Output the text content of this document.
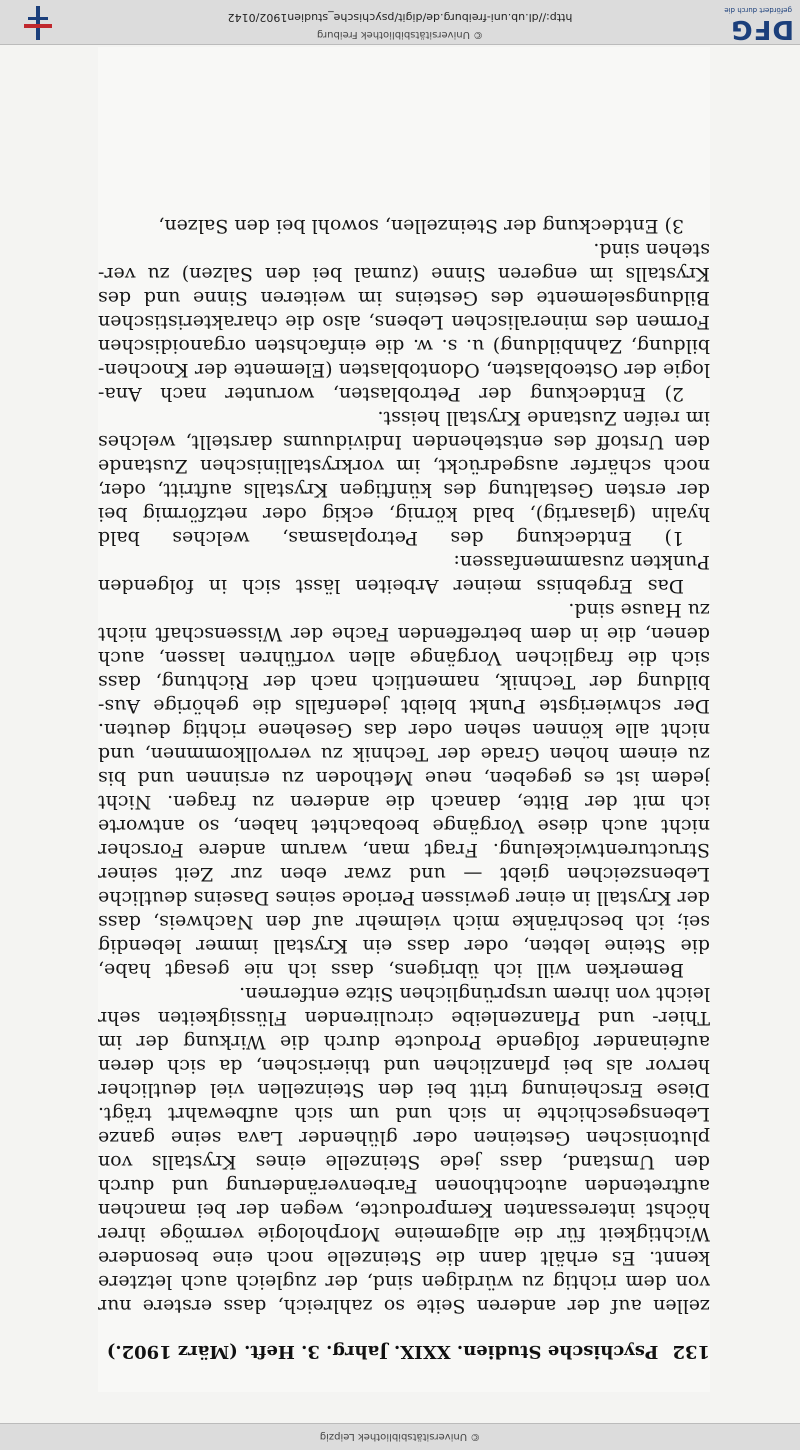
© Universitätsbibliothek Leipzig
132Psychische Studien. XXIX. Jahrg. 3. Heft. (März 1902.)
zellen auf der anderen Seite so zahlreich, dass erstere nur
von dem richtig zu würdigen sind, der zugleich auch letztere
kennt. Es erhält dann die Steinzelle noch eine besondere
Wichtigkeit für die allgemeine Morphologie vermöge ihrer
höchst interessanten Kernproducte, wegen der bei manchen
auftretenden autochthonen Farbenveränderung und durch
den Umstand, dass jede Steinzelle eines Krystalls von
plutonischen Gesteinen oder glühender Lava seine ganze
Lebensgeschichte in sich und um sich aufbewahrt trägt.
Diese Erscheinung tritt bei den Steinzellen viel deutlicher
hervor als bei pflanzlichen und thierischen, da sich deren
aufeinander folgende Producte durch die Wirkung der im
Thier- und Pflanzenleibe circulirenden Flüssigkeiten sehr
leicht von ihrem ursprünglichen Sitze entfernen.
Bemerken will ich übrigens, dass ich nie gesagt habe,
die Steine lebten, oder dass ein Krystall immer lebendig
sei; ich beschränke mich vielmehr auf den Nachweis, dass
der Krystall in einer gewissen Periode seines Daseins deutliche
Lebenszeichen giebt — und zwar eben zur Zeit seiner
Structurentwickelung. Fragt man, warum andere Forscher
nicht auch diese Vorgänge beobachtet haben, so antworte
ich mit der Bitte, danach die anderen zu fragen. Nicht
jedem ist es gegeben, neue Methoden zu ersinnen und bis
zu einem hohen Grade der Technik zu vervollkommnen, und
nicht alle können sehen oder das Gesehene richtig deuten.
Der schwierigste Punkt bleibt jedenfalls die gehörige Aus-
bildung der Technik, namentlich nach der Richtung, dass
sich die fraglichen Vorgänge allen vorführen lassen, auch
denen, die in dem betreffenden Fache der Wissenschaft nicht
zu Hause sind.
Das Ergebniss meiner Arbeiten lässt sich in folgenden
Punkten zusammenfassen:
1) Entdeckung des Petroplasmas, welches bald
hyalin (glasartig), bald körnig, eckig oder netzförmig bei
der ersten Gestaltung des künftigen Krystalls auftritt, oder,
noch schärfer ausgedrückt, im vorkrystallinischen Zustande
den Urstoff des entstehenden Individuums darstellt, welches
im reifen Zustande Krystall heisst.
2) Entdeckung der Petroblasten, worunter nach Ana-
logie der Osteoblasten, Odontoblasten (Elemente der Knochen-
bildung, Zahnbildung) u. s. w. die einfachsten organoidischen
Formen des mineralischen Lebens, also die charakteristischen
Bildungselemente des Gesteins im weiteren Sinne und des
Krystalls im engeren Sinne (zumal bei den Salzen) zu ver-
stehen sind.
3) Entdeckung der Steinzellen, sowohl bei den Salzen,
© Universitätsbibliothek Freiburg
http://dl.ub.uni-freiburg.de/digit/psychische_studien1902/0142	DFG
gefördert durch die
